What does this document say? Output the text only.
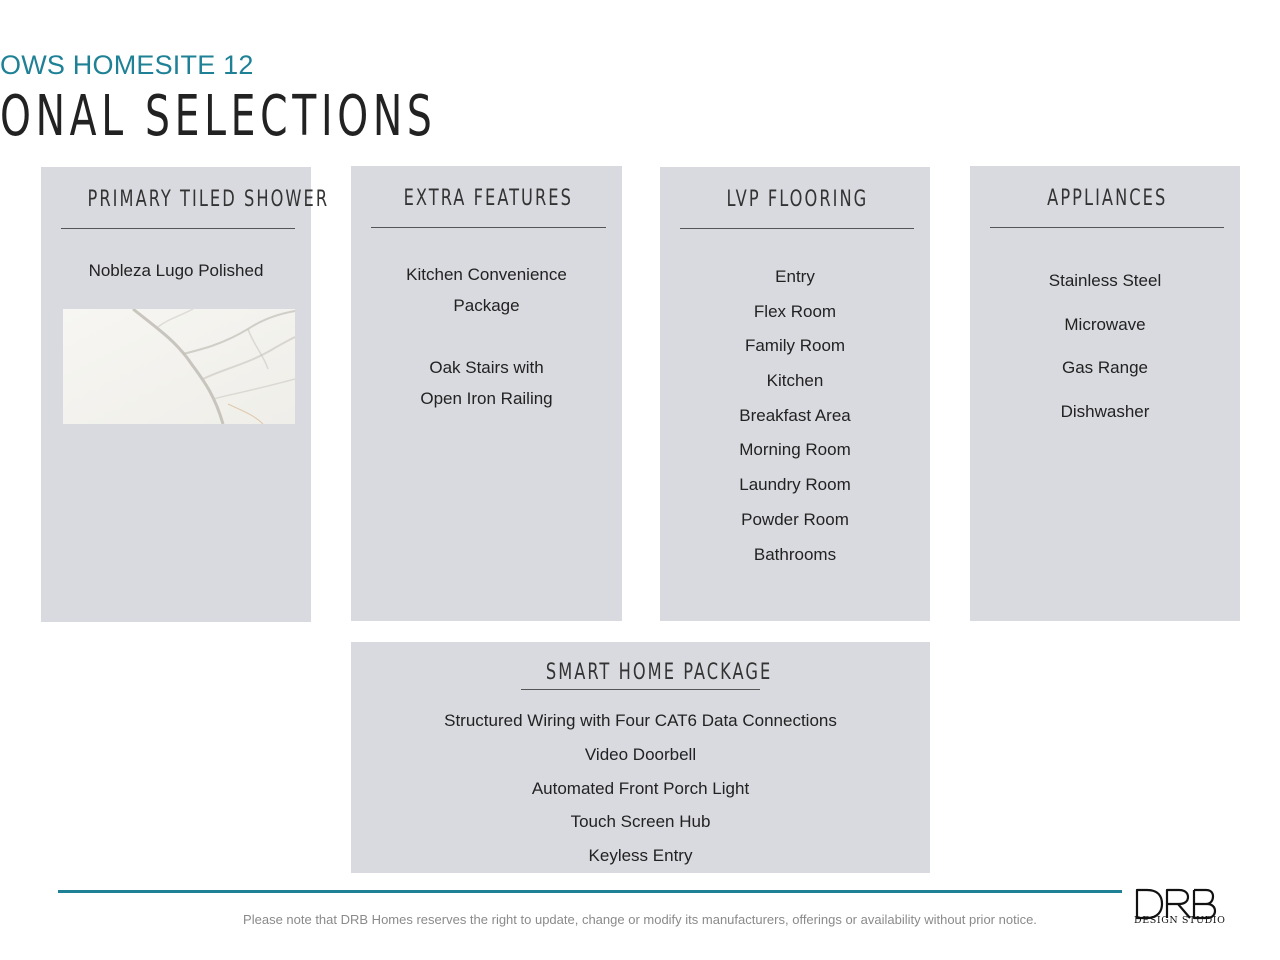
OWS HOMESITE 12
ONAL SELECTIONS
PRIMARY TILED SHOWER
Nobleza Lugo Polished
EXTRA FEATURES
Kitchen Convenience
Package
Oak Stairs with
Open Iron Railing
LVP FLOORING
Entry
Flex Room
Family Room
Kitchen
Breakfast Area
Morning Room
Laundry Room
Powder Room
Bathrooms
APPLIANCES
Stainless Steel
Microwave
Gas Range
Dishwasher
SMART HOME PACKAGE
Structured Wiring with Four CAT6 Data Connections
Video Doorbell
Automated Front Porch Light
Touch Screen Hub
Keyless Entry
Please note that DRB Homes reserves the right to update, change or modify its manufacturers, offerings or availability without prior notice.	DESIGN STUDIO
